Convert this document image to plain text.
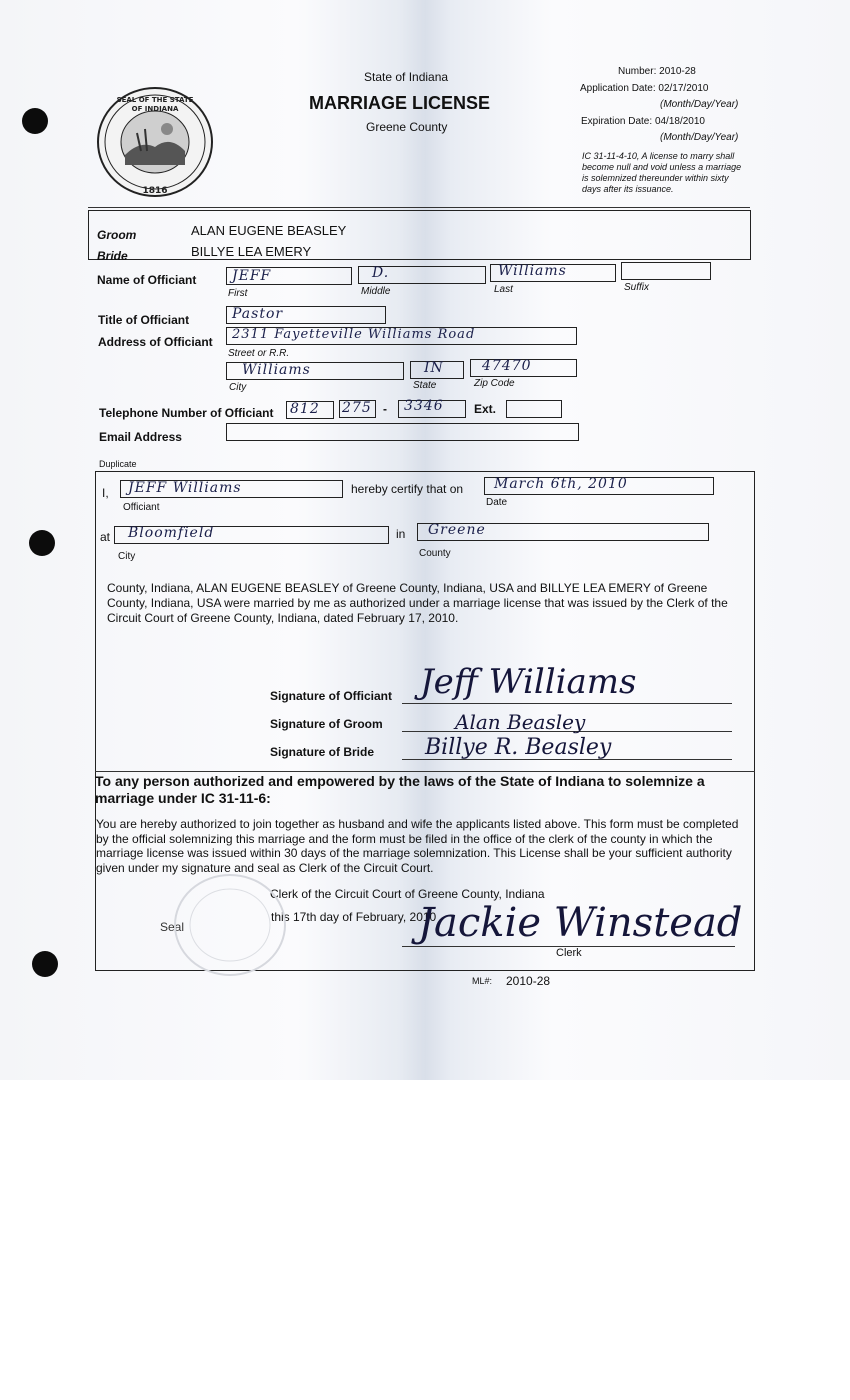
1816
SEAL OF THE STATE
OF INDIANA
State of Indiana
MARRIAGE LICENSE
Greene County
Number: 2010-28
Application Date: 02/17/2010
(Month/Day/Year)
Expiration Date: 04/18/2010
(Month/Day/Year)
IC 31-11-4-10, A license to marry shall become null and void unless a marriage is solemnized thereunder within sixty days after its issuance.
Groom	ALAN EUGENE BEASLEY
Bride	BILLYE LEA EMERY
Name of Officiant	JEFF	D.	Williams
First	Middle	Last	Suffix
Title of Officiant	Pastor
Address of Officiant 2311 Fayetteville Williams Road
Street or R.R.
Williams	IN	47470
City	State	Zip Code
Telephone Number of Officiant 812 275 - 3346	Ext.
Email Address
Duplicate
I, JEFF Williams
Officiant
hereby certify that on March 6th, 2010
Date
at Bloomfield
City
in Greene
County
County, Indiana, ALAN EUGENE BEASLEY of Greene County, Indiana, USA and BILLYE LEA EMERY of Greene County, Indiana, USA were married by me as authorized under a marriage license that was issued by the Clerk of the Circuit Court of Greene County, Indiana, dated February 17, 2010.
Signature of Officiant Jeff Williams
Signature of Groom	Alan Beasley
Signature of Bride Billye R. Beasley
To any person authorized and empowered by the laws of the State of Indiana to solemnize a marriage under IC 31-11-6:
You are hereby authorized to join together as husband and wife the applicants listed above. This form must be completed by the official solemnizing this marriage and the form must be filed in the office of the clerk of the county in which the marriage license was issued within 30 days of the marriage solemnization. This License shall be your sufficient authority given under my signature and seal as Clerk of the Circuit Court.
Clerk of the Circuit Court of Greene County, Indiana
this 17th day of February, 2010
Seal	Jackie Winstead
Clerk
ML#: 2010-28
